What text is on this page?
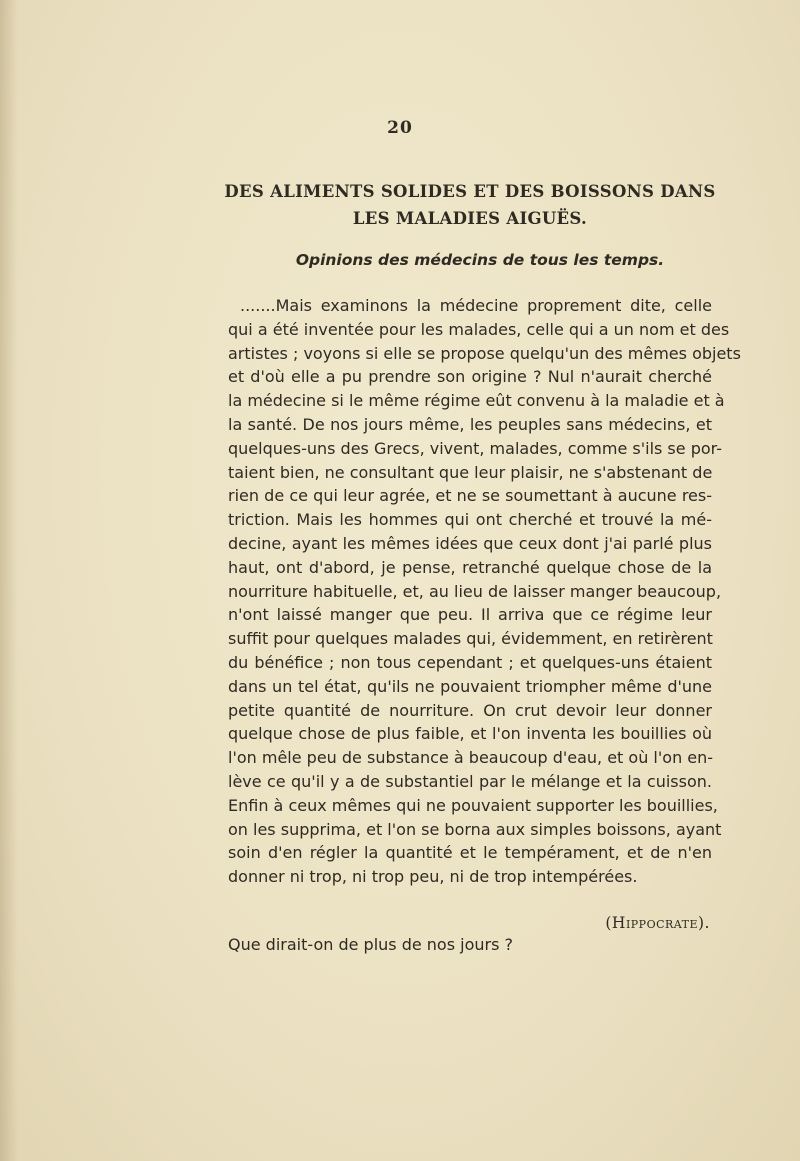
20
DES ALIMENTS SOLIDES ET DES BOISSONS DANS
LES MALADIES AIGUËS.
Opinions des médecins de tous les temps.
.......Mais examinons la médecine proprement dite, celle
qui a été inventée pour les malades, celle qui a un nom et des
artistes ; voyons si elle se propose quelqu'un des mêmes objets
et d'où elle a pu prendre son origine ? Nul n'aurait cherché
la médecine si le même régime eût convenu à la maladie et à
la santé. De nos jours même, les peuples sans médecins, et
quelques-uns des Grecs, vivent, malades, comme s'ils se por-
taient bien, ne consultant que leur plaisir, ne s'abstenant de
rien de ce qui leur agrée, et ne se soumettant à aucune res-
triction. Mais les hommes qui ont cherché et trouvé la mé-
decine, ayant les mêmes idées que ceux dont j'ai parlé plus
haut, ont d'abord, je pense, retranché quelque chose de la
nourriture habituelle, et, au lieu de laisser manger beaucoup,
n'ont laissé manger que peu. Il arriva que ce régime leur
suffit pour quelques malades qui, évidemment, en retirèrent
du bénéfice ; non tous cependant ; et quelques-uns étaient
dans un tel état, qu'ils ne pouvaient triompher même d'une
petite quantité de nourriture. On crut devoir leur donner
quelque chose de plus faible, et l'on inventa les bouillies où
l'on mêle peu de substance à beaucoup d'eau, et où l'on en-
lève ce qu'il y a de substantiel par le mélange et la cuisson.
Enfin à ceux mêmes qui ne pouvaient supporter les bouillies,
on les supprima, et l'on se borna aux simples boissons, ayant
soin d'en régler la quantité et le tempérament, et de n'en
donner ni trop, ni trop peu, ni de trop intempérées.
(Hippocrate).
Que dirait-on de plus de nos jours ?
